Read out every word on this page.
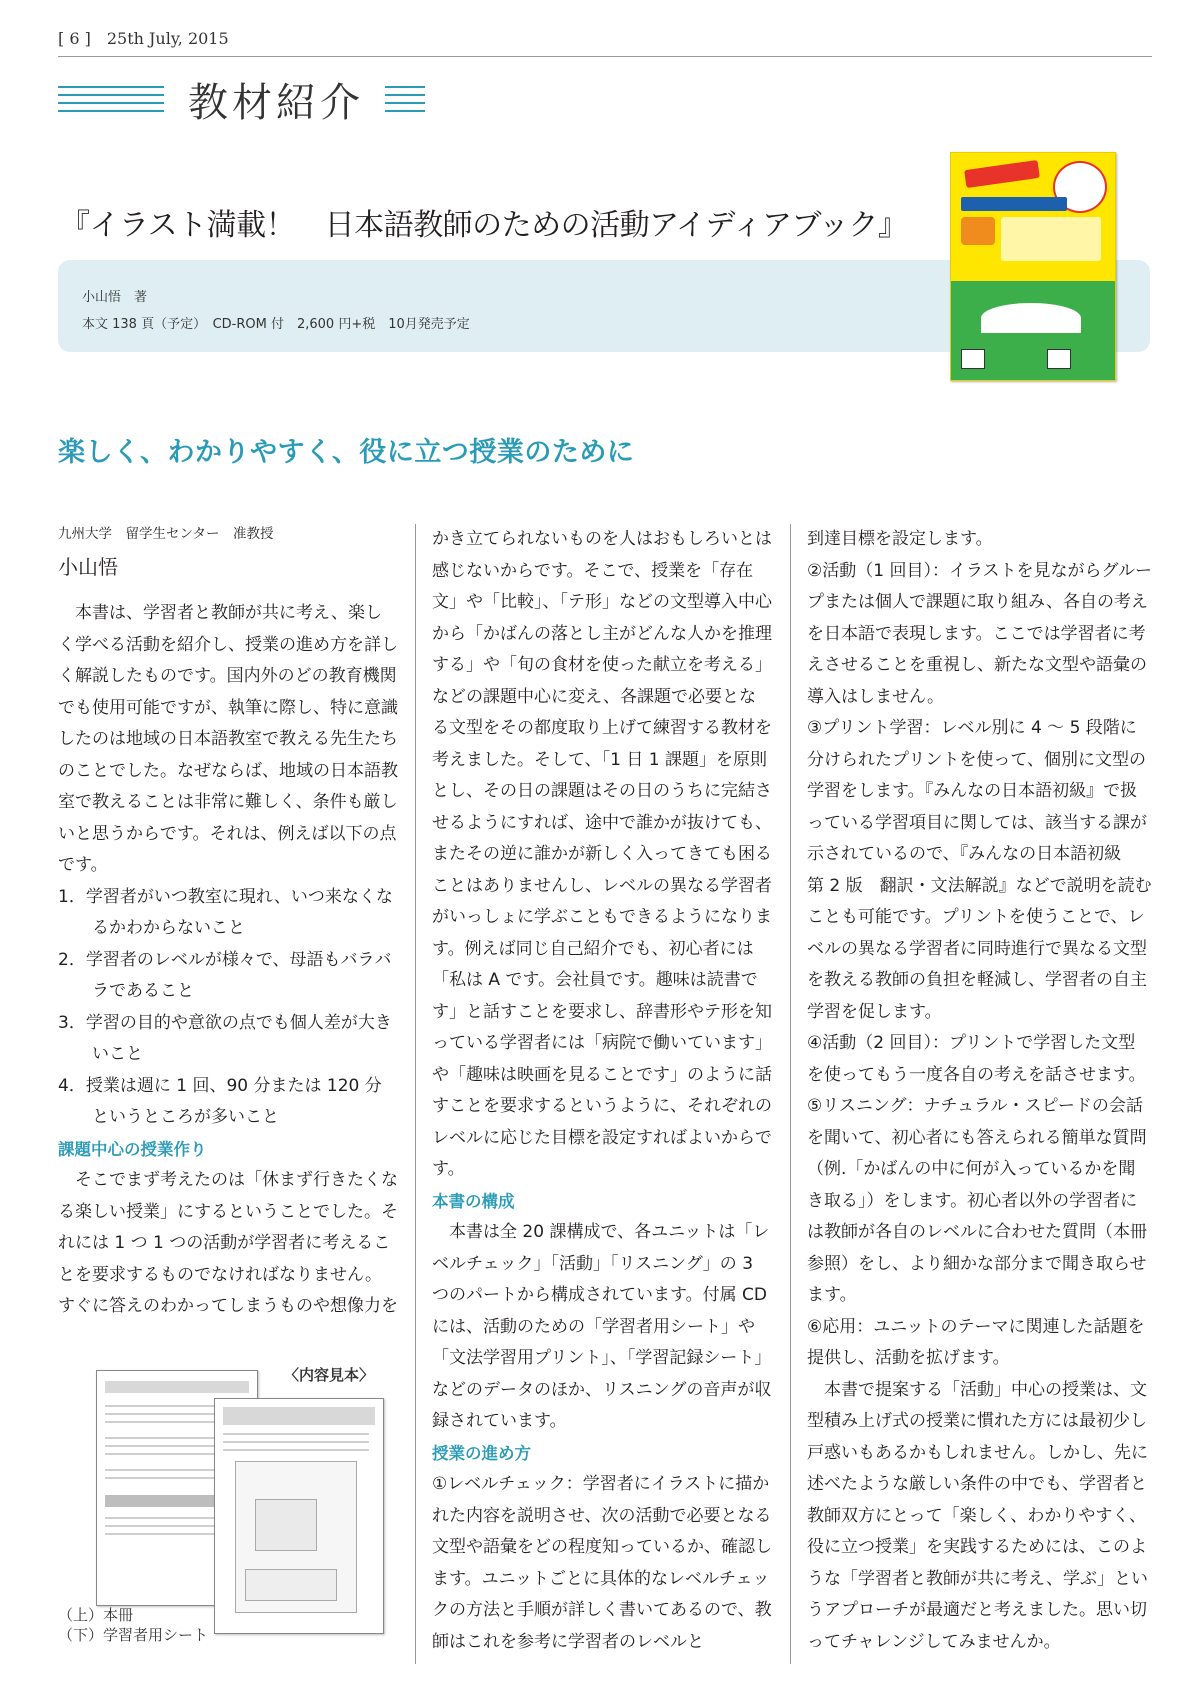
[ 6 ]　25th July, 2015
教材紹介
『イラスト満載！　日本語教師のための活動アイディアブック』
小山悟　著
本文 138 頁（予定）　CD-ROM 付　2,600 円+税　10月発売予定
楽しく、わかりやすく、役に立つ授業のために

九州大学　留学生センター　准教授

小山悟

本書は、学習者と教師が共に考え、楽しく学べる活動を紹介し、授業の進め方を詳しく解説したものです。国内外のどの教育機関でも使用可能ですが、執筆に際し、特に意識したのは地域の日本語教室で教える先生たちのことでした。なぜならば、地域の日本語教室で教えることは非常に難しく、条件も厳しいと思うからです。それは、例えば以下の点です。

1．学習者がいつ教室に現れ、いつ来なくなるかわからないこと

2．学習者のレベルが様々で、母語もバラバラであること

3．学習の目的や意欲の点でも個人差が大きいこと

4．授業は週に 1 回、90 分または 120 分というところが多いこと

課題中心の授業作り

そこでまず考えたのは「休まず行きたくなる楽しい授業」にするということでした。それには 1 つ 1 つの活動が学習者に考えることを要求するものでなければなりません。すぐに答えのわかってしまうものや想像力を

〈内容見本〉
（上）本冊
（下）学習者用シート

かき立てられないものを人はおもしろいとは感じないからです。そこで、授業を「存在文」や「比較」、「テ形」などの文型導入中心から「かばんの落とし主がどんな人かを推理する」や「旬の食材を使った献立を考える」などの課題中心に変え、各課題で必要となる文型をその都度取り上げて練習する教材を考えました。そして、「1 日 1 課題」を原則とし、その日の課題はその日のうちに完結させるようにすれば、途中で誰かが抜けても、またその逆に誰かが新しく入ってきても困ることはありませんし、レベルの異なる学習者がいっしょに学ぶこともできるようになります。例えば同じ自己紹介でも、初心者には「私は A です。会社員です。趣味は読書です」と話すことを要求し、辞書形やテ形を知っている学習者には「病院で働いています」や「趣味は映画を見ることです」のように話すことを要求するというように、それぞれのレベルに応じた目標を設定すればよいからです。

本書の構成

本書は全 20 課構成で、各ユニットは「レベルチェック」「活動」「リスニング」の 3 つのパートから構成されています。付属 CD には、活動のための「学習者用シート」や「文法学習用プリント」、「学習記録シート」などのデータのほか、リスニングの音声が収録されています。

授業の進め方

①レベルチェック：学習者にイラストに描かれた内容を説明させ、次の活動で必要となる文型や語彙をどの程度知っているか、確認します。ユニットごとに具体的なレベルチェックの方法と手順が詳しく書いてあるので、教師はこれを参考に学習者のレベルと

到達目標を設定します。

②活動（1 回目）：イラストを見ながらグループまたは個人で課題に取り組み、各自の考えを日本語で表現します。ここでは学習者に考えさせることを重視し、新たな文型や語彙の導入はしません。

③プリント学習：レベル別に 4 ～ 5 段階に分けられたプリントを使って、個別に文型の学習をします。『みんなの日本語初級』で扱っている学習項目に関しては、該当する課が示されているので、『みんなの日本語初級　第 2 版　翻訳・文法解説』などで説明を読むことも可能です。プリントを使うことで、レベルの異なる学習者に同時進行で異なる文型を教える教師の負担を軽減し、学習者の自主学習を促します。

④活動（2 回目）：プリントで学習した文型を使ってもう一度各自の考えを話させます。

⑤リスニング：ナチュラル・スピードの会話を聞いて、初心者にも答えられる簡単な質問（例.「かばんの中に何が入っているかを聞き取る」）をします。初心者以外の学習者には教師が各自のレベルに合わせた質問（本冊参照）をし、より細かな部分まで聞き取らせます。

⑥応用：ユニットのテーマに関連した話題を提供し、活動を拡げます。

本書で提案する「活動」中心の授業は、文型積み上げ式の授業に慣れた方には最初少し戸惑いもあるかもしれません。しかし、先に述べたような厳しい条件の中でも、学習者と教師双方にとって「楽しく、わかりやすく、役に立つ授業」を実践するためには、このような「学習者と教師が共に考え、学ぶ」というアプローチが最適だと考えました。思い切ってチャレンジしてみませんか。
